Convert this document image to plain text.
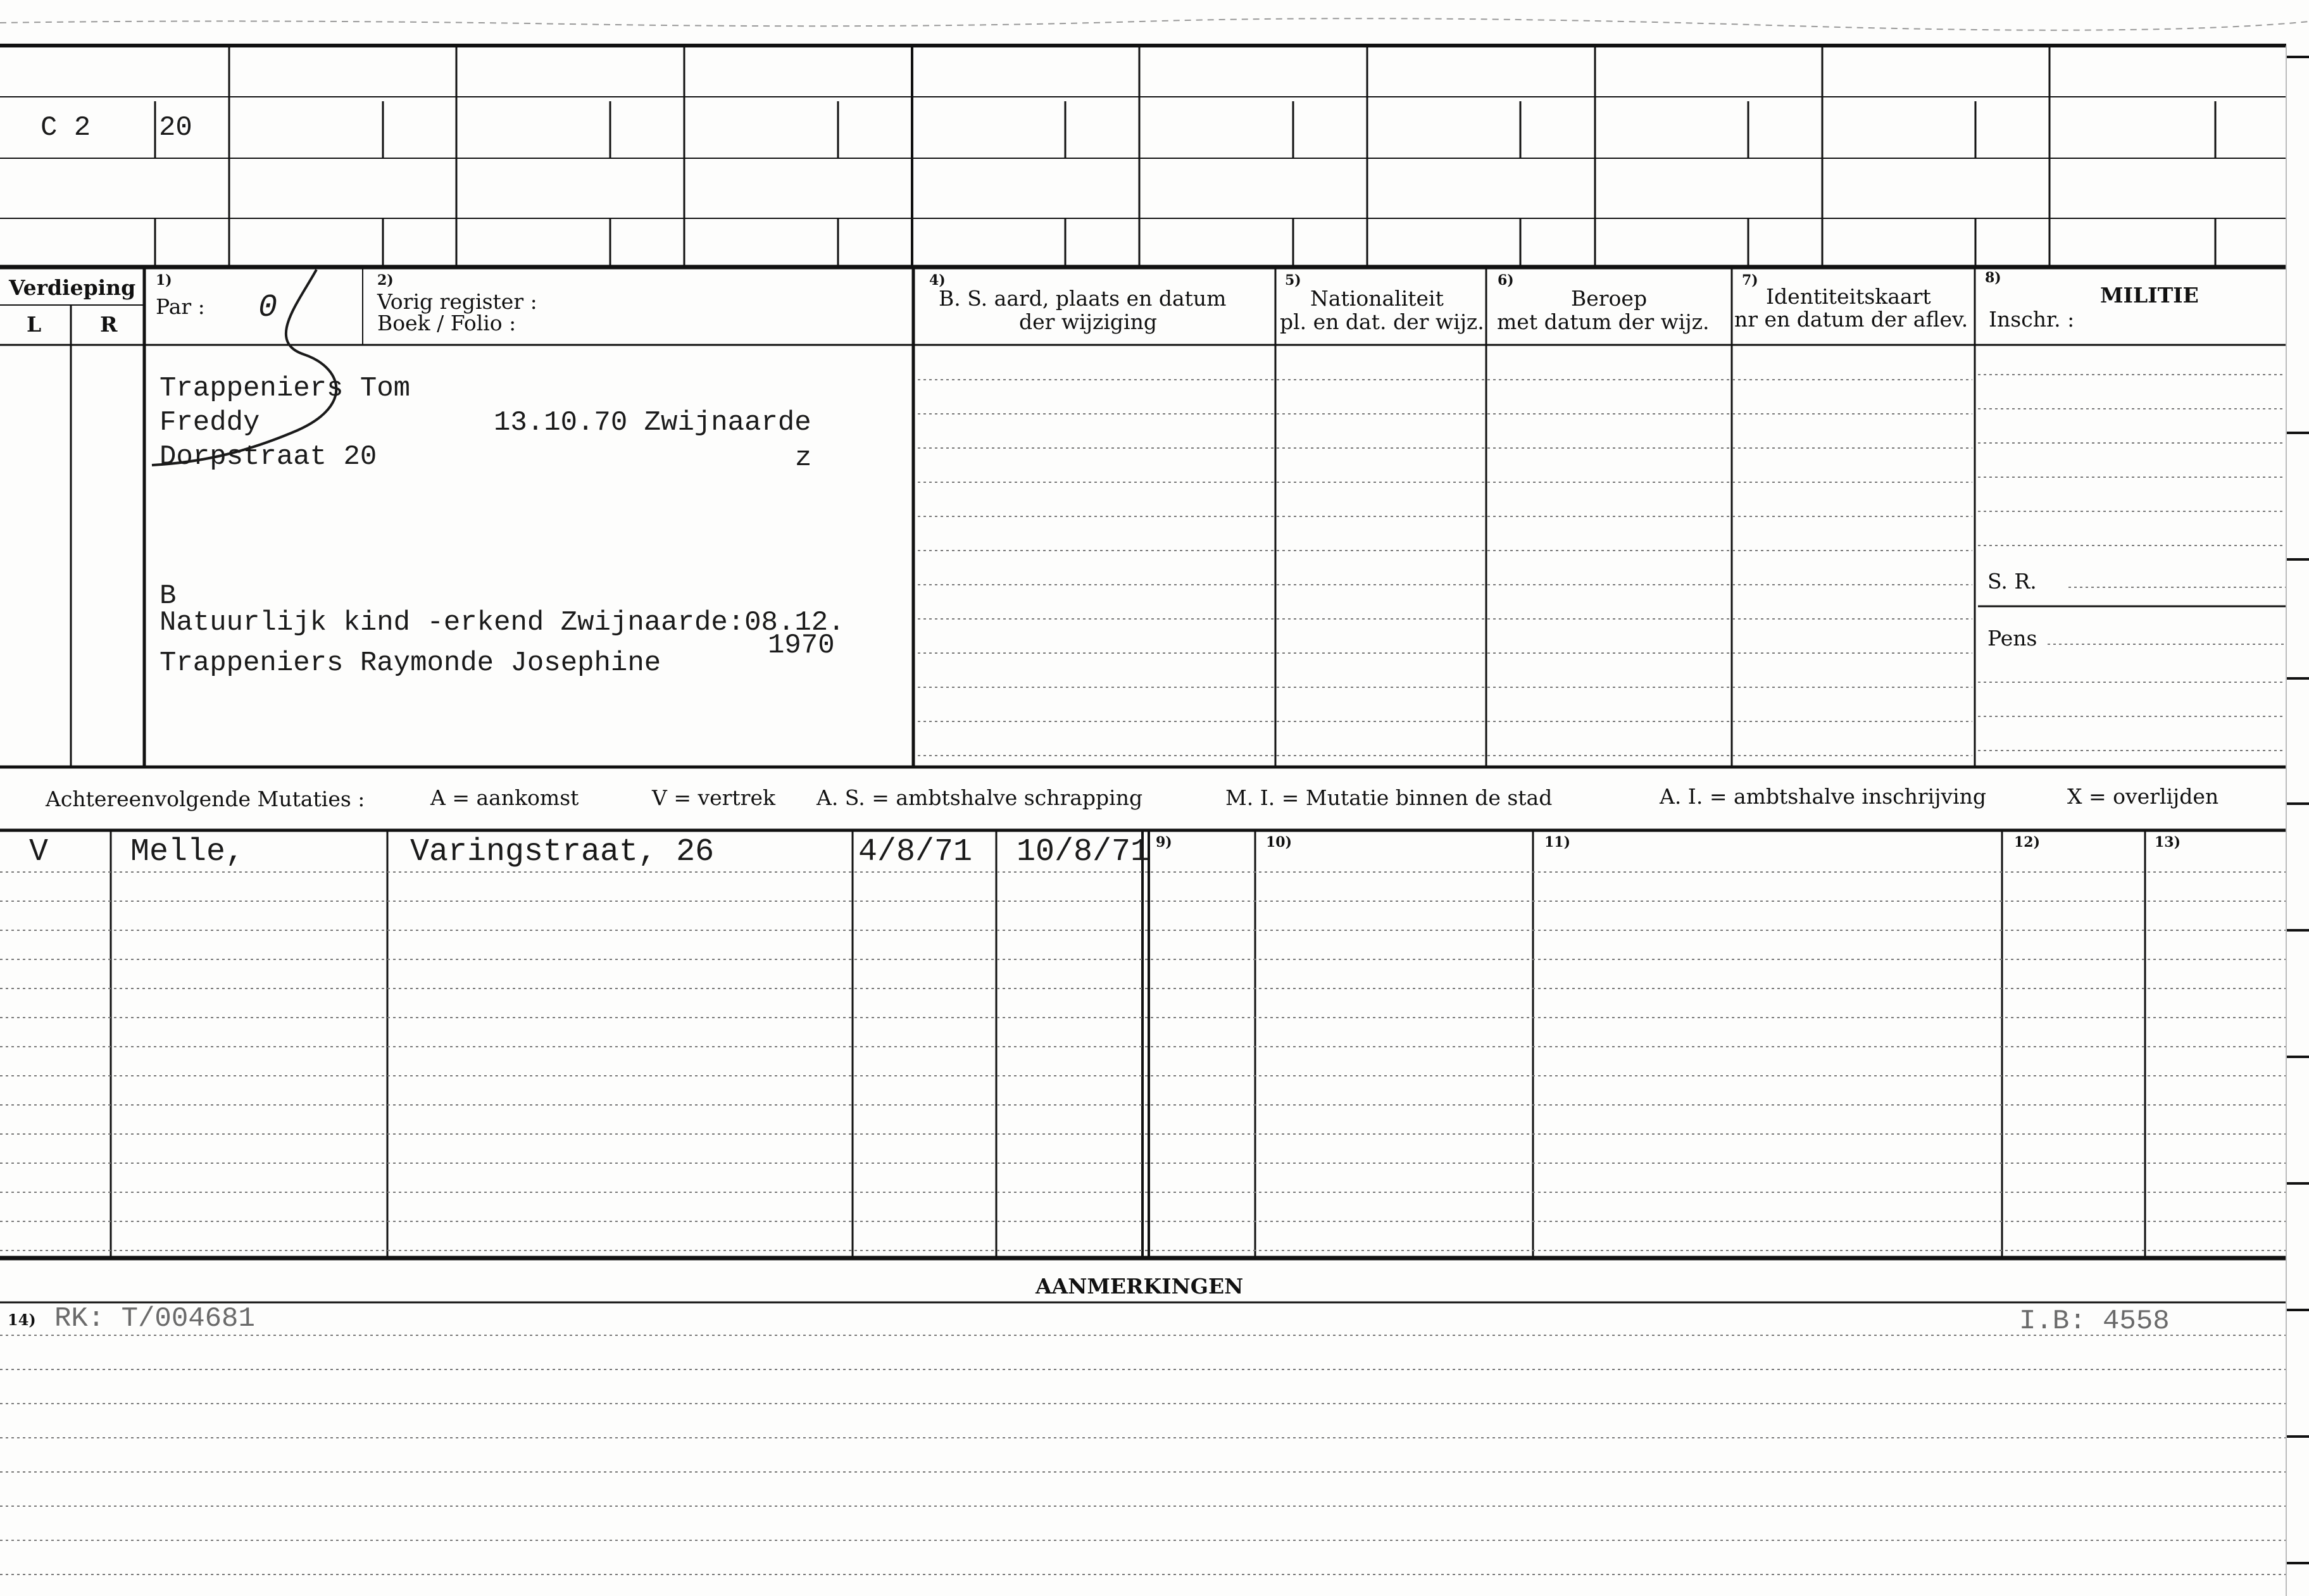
C 2 20
Verdieping
L	R
1)
Par : 0
2)
Vorig register :
Boek / Folio :
4)
B. S. aard, plaats en datum
der wijziging
5)
Nationaliteit
pl. en dat. der wijz.
6)
Beroep
met datum der wijz.
7)
Identiteitskaart
nr en datum der aflev.
8)
MILITIE
Inschr. :
S. R.
Pens
Trappeniers Tom
Freddy	13.10.70 Zwijnaarde
Dorpstraat 20	z
B
Natuurlijk kind -erkend Zwijnaarde:08.12.
1970
Trappeniers Raymonde Josephine
Achtereenvolgende Mutaties :	A = aankomst	V = vertrek A. S. = ambtshalve schrapping	M. I. = Mutatie binnen de stad	A. I. = ambtshalve inschrijving	X = overlijden
9)	10)	11)	12)	13)
V	Melle,	Varingstraat, 26	4/8/71 10/8/71
AANMERKINGEN
14) RK: T/004681	I.B: 4558
